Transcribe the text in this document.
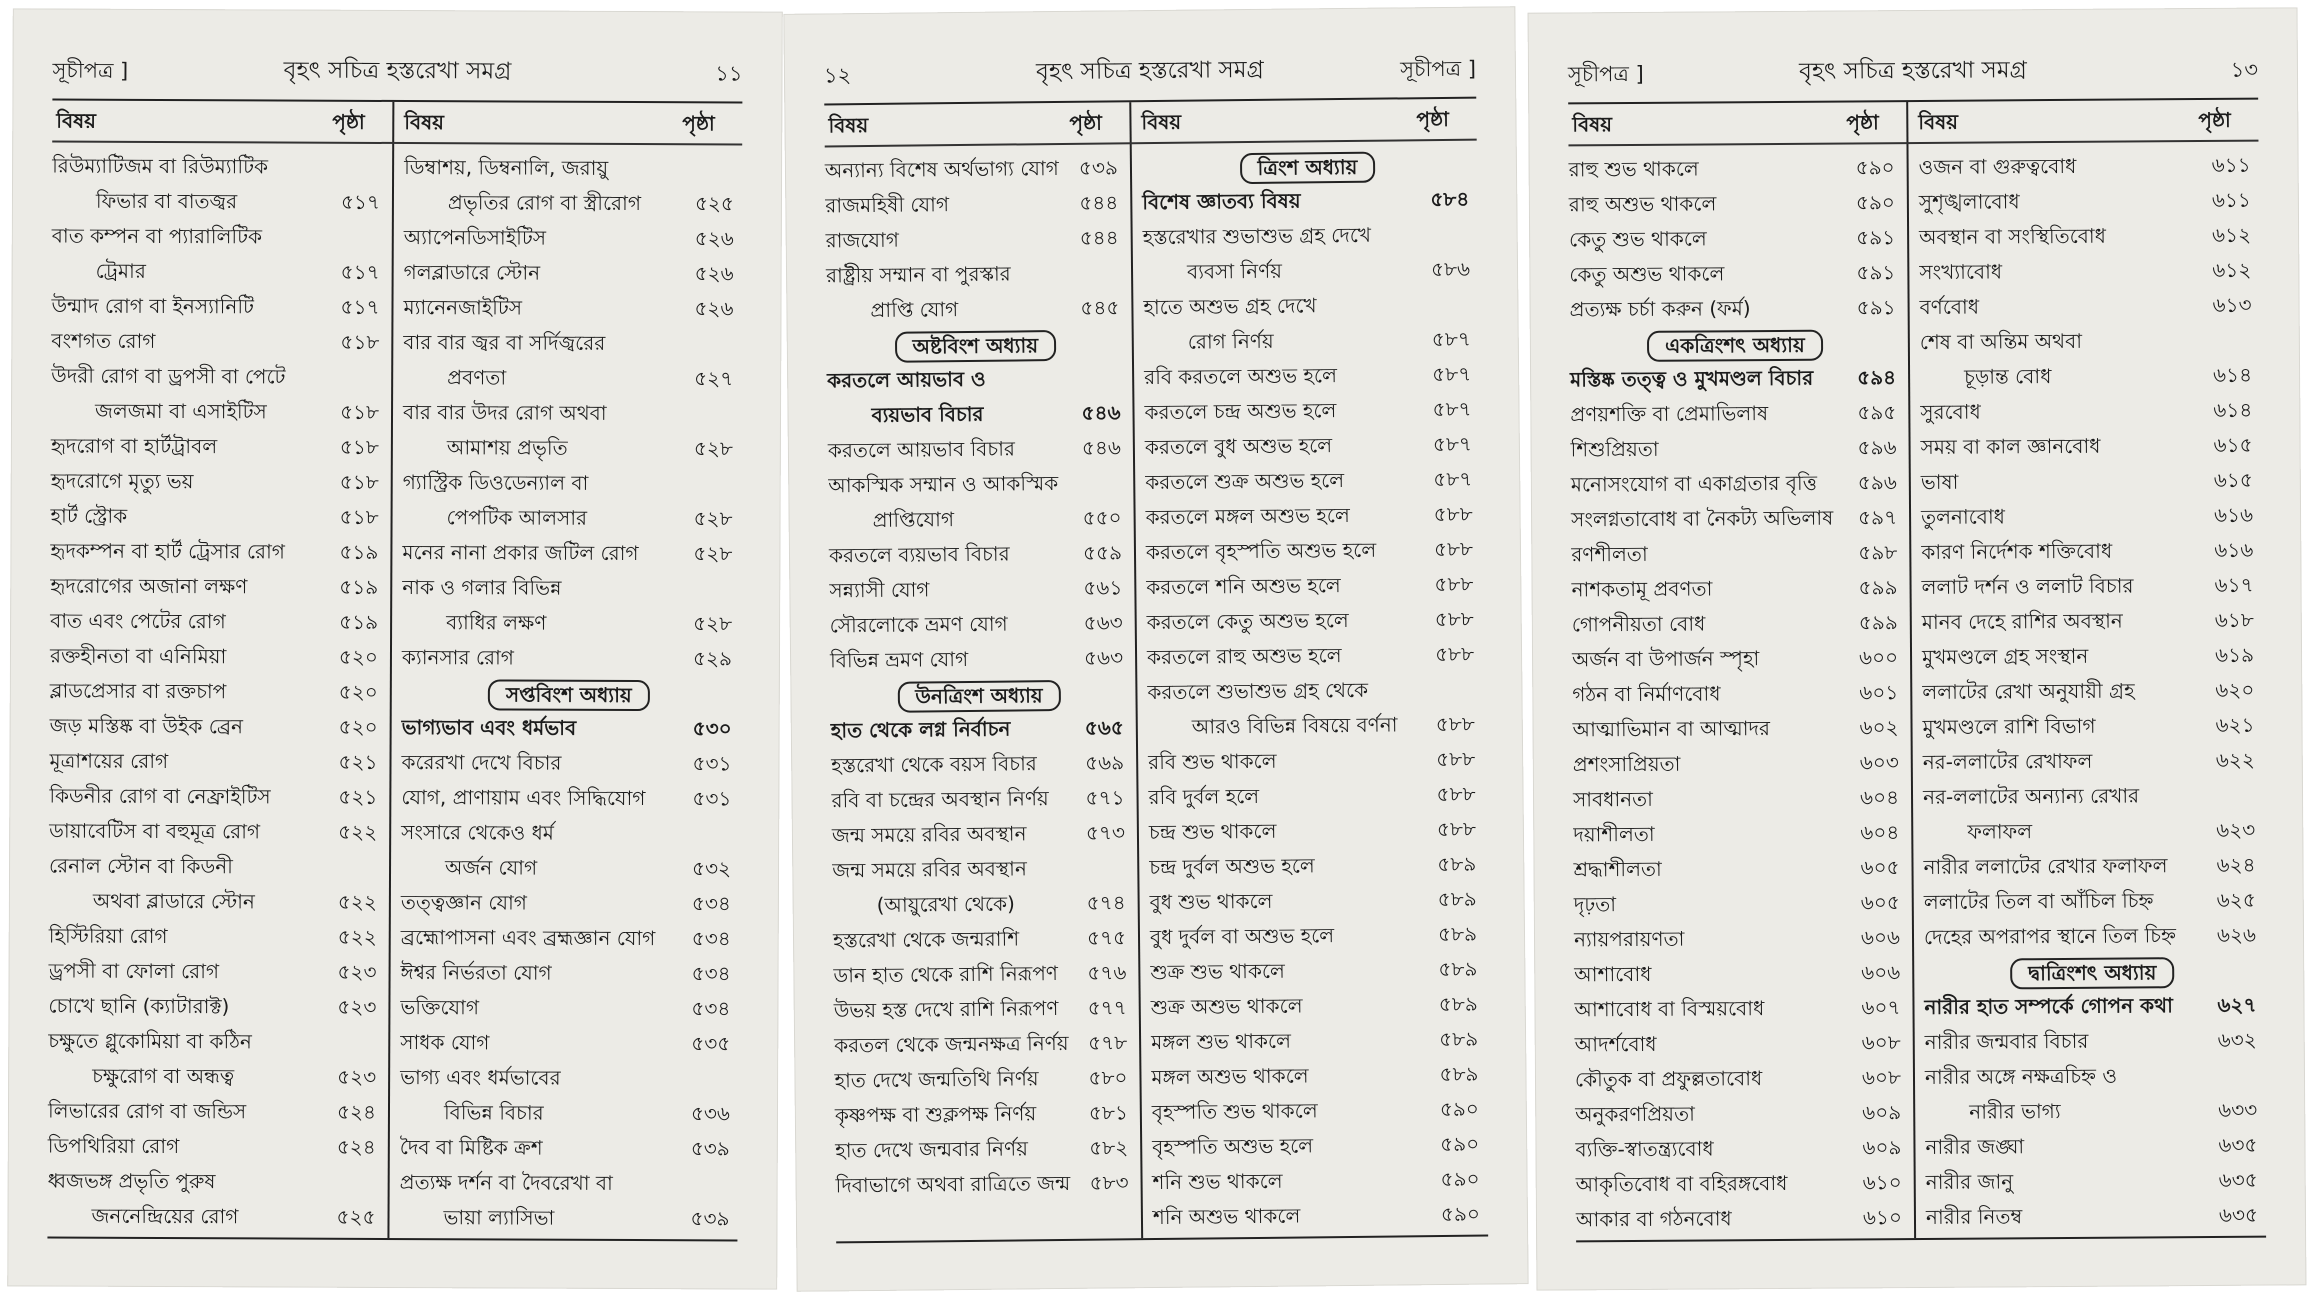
সূচীপত্র ]	বৃহৎ সচিত্র হস্তরেখা সমগ্র	১১
বিষয়	পৃষ্ঠা বিষয়	পৃষ্ঠা
রিউম্যাটিজম বা রিউম্যাটিক
ফিভার বা বাতজ্বর	৫১৭
বাত কম্পন বা প্যারালিটিক
ট্রেমার	৫১৭
উন্মাদ রোগ বা ইনস্যানিটি	৫১৭
বংশগত রোগ	৫১৮
উদরী রোগ বা ড্রপসী বা পেটে
জলজমা বা এসাইটিস	৫১৮
হৃদরোগ বা হার্টট্রাবল	৫১৮
হৃদরোগে মৃত্যু ভয়	৫১৮
হার্ট স্ট্রোক	৫১৮
হৃদকম্পন বা হার্ট ট্রেসার রোগ	৫১৯
হৃদরোগের অজানা লক্ষণ	৫১৯
বাত এবং পেটের রোগ	৫১৯
রক্তহীনতা বা এনিমিয়া	৫২০
ব্লাডপ্রেসার বা রক্তচাপ	৫২০
জড় মস্তিষ্ক বা উইক ব্রেন	৫২০
মূত্রাশয়ের রোগ	৫২১
কিডনীর রোগ বা নেফ্রাইটিস	৫২১
ডায়াবেটিস বা বহুমূত্র রোগ	৫২২
রেনাল স্টোন বা কিডনী
অথবা ব্লাডারে স্টোন	৫২২
হিস্টিরিয়া রোগ	৫২২
ড্রপসী বা ফোলা রোগ	৫২৩
চোখে ছানি (ক্যাটারাক্ট)	৫২৩
চক্ষুতে গ্লুকোমিয়া বা কঠিন
চক্ষুরোগ বা অন্ধত্ব	৫২৩
লিভারের রোগ বা জন্ডিস	৫২৪
ডিপথিরিয়া রোগ	৫২৪
ধ্বজভঙ্গ প্রভৃতি পুরুষ
জননেন্দ্রিয়ের রোগ	৫২৫
ডিম্বাশয়, ডিম্বনালি, জরায়ু
প্রভৃতির রোগ বা স্ত্রীরোগ	৫২৫
অ্যাপেনডিসাইটিস	৫২৬
গলব্লাডারে স্টোন	৫২৬
ম্যানেনজাইটিস	৫২৬
বার বার জ্বর বা সর্দিজ্বরের
প্রবণতা	৫২৭
বার বার উদর রোগ অথবা
আমাশয় প্রভৃতি	৫২৮
গ্যাস্ট্রিক ডিওডেন্যাল বা
পেপটিক আলসার	৫২৮
মনের নানা প্রকার জটিল রোগ	৫২৮
নাক ও গলার বিভিন্ন
ব্যাধির লক্ষণ	৫২৮
ক্যানসার রোগ	৫২৯
সপ্তবিংশ অধ্যায়
ভাগ্যভাব এবং ধর্মভাব	৫৩০
করেরখা দেখে বিচার	৫৩১
যোগ, প্রাণায়াম এবং সিদ্ধিযোগ ৫৩১
সংসারে থেকেও ধর্ম
অর্জন যোগ	৫৩২
তত্ত্বজ্ঞান যোগ	৫৩৪
ব্রহ্মোপাসনা এবং ব্রহ্মজ্ঞান যোগ ৫৩৪
ঈশ্বর নির্ভরতা যোগ	৫৩৪
ভক্তিযোগ	৫৩৪
সাধক যোগ	৫৩৫
ভাগ্য এবং ধর্মভাবের
বিভিন্ন বিচার	৫৩৬
দৈব বা মিষ্টিক ক্রশ	৫৩৯
প্রত্যক্ষ দর্শন বা দৈবরেখা বা
ভায়া ল্যাসিভা	৫৩৯
১২	বৃহৎ সচিত্র হস্তরেখা সমগ্র	সূচীপত্র ]
বিষয়	পৃষ্ঠা বিষয়	পৃষ্ঠা
অন্যান্য বিশেষ অর্থভাগ্য যোগ ৫৩৯
রাজমহিষী যোগ	৫৪৪
রাজযোগ	৫৪৪
রাষ্ট্রীয় সম্মান বা পুরস্কার
প্রাপ্তি যোগ	৫৪৫
অষ্টবিংশ অধ্যায়
করতলে আয়ভাব ও
ব্যয়ভাব বিচার	৫৪৬
করতলে আয়ভাব বিচার	৫৪৬
আকস্মিক সম্মান ও আকস্মিক
প্রাপ্তিযোগ	৫৫০
করতলে ব্যয়ভাব বিচার	৫৫৯
সন্ন্যাসী যোগ	৫৬১
সৌরলোকে ভ্রমণ যোগ	৫৬৩
বিভিন্ন ভ্রমণ যোগ	৫৬৩
উনত্রিংশ অধ্যায়
হাত থেকে লগ্ন নির্বাচন	৫৬৫
হস্তরেখা থেকে বয়স বিচার ৫৬৯
রবি বা চন্দ্রের অবস্থান নির্ণয় ৫৭১
জন্ম সময়ে রবির অবস্থান	৫৭৩
জন্ম সময়ে রবির অবস্থান
(আয়ুরেখা থেকে)	৫৭৪
হস্তরেখা থেকে জন্মরাশি	৫৭৫
ডান হাত থেকে রাশি নিরূপণ ৫৭৬
উভয় হস্ত দেখে রাশি নিরূপণ ৫৭৭
করতল থেকে জন্মনক্ষত্র নির্ণয় ৫৭৮
হাত দেখে জন্মতিথি নির্ণয় ৫৮০
কৃষ্ণপক্ষ বা শুক্লপক্ষ নির্ণয়	৫৮১
হাত দেখে জন্মবার নির্ণয়	৫৮২
দিবাভাগে অথবা রাত্রিতে জন্ম ৫৮৩
ত্রিংশ অধ্যায়
বিশেষ জ্ঞাতব্য বিষয়	৫৮৪
হস্তরেখার শুভাশুভ গ্রহ দেখে
ব্যবসা নির্ণয়	৫৮৬
হাতে অশুভ গ্রহ দেখে
রোগ নির্ণয়	৫৮৭
রবি করতলে অশুভ হলে	৫৮৭
করতলে চন্দ্র অশুভ হলে	৫৮৭
করতলে বুধ অশুভ হলে	৫৮৭
করতলে শুক্র অশুভ হলে	৫৮৭
করতলে মঙ্গল অশুভ হলে	৫৮৮
করতলে বৃহস্পতি অশুভ হলে	৫৮৮
করতলে শনি অশুভ হলে	৫৮৮
করতলে কেতু অশুভ হলে	৫৮৮
করতলে রাহু অশুভ হলে	৫৮৮
করতলে শুভাশুভ গ্রহ থেকে
আরও বিভিন্ন বিষয়ে বর্ণনা ৫৮৮
রবি শুভ থাকলে	৫৮৮
রবি দুর্বল হলে	৫৮৮
চন্দ্র শুভ থাকলে	৫৮৮
চন্দ্র দুর্বল অশুভ হলে	৫৮৯
বুধ শুভ থাকলে	৫৮৯
বুধ দুর্বল বা অশুভ হলে	৫৮৯
শুক্র শুভ থাকলে	৫৮৯
শুক্র অশুভ থাকলে	৫৮৯
মঙ্গল শুভ থাকলে	৫৮৯
মঙ্গল অশুভ থাকলে	৫৮৯
বৃহস্পতি শুভ থাকলে	৫৯০
বৃহস্পতি অশুভ হলে	৫৯০
শনি শুভ থাকলে	৫৯০
শনি অশুভ থাকলে	৫৯০
সূচীপত্র ]	বৃহৎ সচিত্র হস্তরেখা সমগ্র	১৩
বিষয়	পৃষ্ঠা বিষয়	পৃষ্ঠা
রাহু শুভ থাকলে	৫৯০
রাহু অশুভ থাকলে	৫৯০
কেতু শুভ থাকলে	৫৯১
কেতু অশুভ থাকলে	৫৯১
প্রত্যক্ষ চর্চা করুন (ফর্ম)	৫৯১
একত্রিংশৎ অধ্যায়
মস্তিষ্ক তত্ত্ব ও মুখমণ্ডল বিচার ৫৯৪
প্রণয়শক্তি বা প্রেমাভিলাষ	৫৯৫
শিশুপ্রিয়তা	৫৯৬
মনোসংযোগ বা একাগ্রতার বৃত্তি ৫৯৬
সংলগ্নতাবোধ বা নৈকট্য অভিলাষ ৫৯৭
রণশীলতা	৫৯৮
নাশকতামূ প্রবণতা	৫৯৯
গোপনীয়তা বোধ	৫৯৯
অর্জন বা উপার্জন স্পৃহা	৬০০
গঠন বা নির্মাণবোধ	৬০১
আত্মাভিমান বা আত্মাদর	৬০২
প্রশংসাপ্রিয়তা	৬০৩
সাবধানতা	৬০৪
দয়াশীলতা	৬০৪
শ্রদ্ধাশীলতা	৬০৫
দৃঢ়তা	৬০৫
ন্যায়পরায়ণতা	৬০৬
আশাবোধ	৬০৬
আশাবোধ বা বিস্ময়বোধ	৬০৭
আদর্শবোধ	৬০৮
কৌতুক বা প্রফুল্লতাবোধ	৬০৮
অনুকরণপ্রিয়তা	৬০৯
ব্যক্তি-স্বাতন্ত্র্যবোধ	৬০৯
আকৃতিবোধ বা বহিরঙ্গবোধ	৬১০
আকার বা গঠনবোধ	৬১০
ওজন বা গুরুত্ববোধ	৬১১
সুশৃঙ্খলাবোধ	৬১১
অবস্থান বা সংস্থিতিবোধ	৬১২
সংখ্যাবোধ	৬১২
বর্ণবোধ	৬১৩
শেষ বা অন্তিম অথবা
চূড়ান্ত বোধ	৬১৪
সুরবোধ	৬১৪
সময় বা কাল জ্ঞানবোধ	৬১৫
ভাষা	৬১৫
তুলনাবোধ	৬১৬
কারণ নির্দেশক শক্তিবোধ	৬১৬
ললাট দর্শন ও ললাট বিচার	৬১৭
মানব দেহে রাশির অবস্থান	৬১৮
মুখমণ্ডলে গ্রহ সংস্থান	৬১৯
ললাটের রেখা অনুযায়ী গ্রহ	৬২০
মুখমণ্ডলে রাশি বিভাগ	৬২১
নর-ললাটের রেখাফল	৬২২
নর-ললাটের অন্যান্য রেখার
ফলাফল	৬২৩
নারীর ললাটের রেখার ফলাফল ৬২৪
ললাটের তিল বা আঁচিল চিহ্ন	৬২৫
দেহের অপরাপর স্থানে তিল চিহ্ন ৬২৬
দ্বাত্রিংশৎ অধ্যায়
নারীর হাত সম্পর্কে গোপন কথা ৬২৭
নারীর জন্মবার বিচার	৬৩২
নারীর অঙ্গে নক্ষত্রচিহ্ন ও
নারীর ভাগ্য	৬৩৩
নারীর জঙ্ঘা	৬৩৫
নারীর জানু	৬৩৫
নারীর নিতম্ব	৬৩৫
